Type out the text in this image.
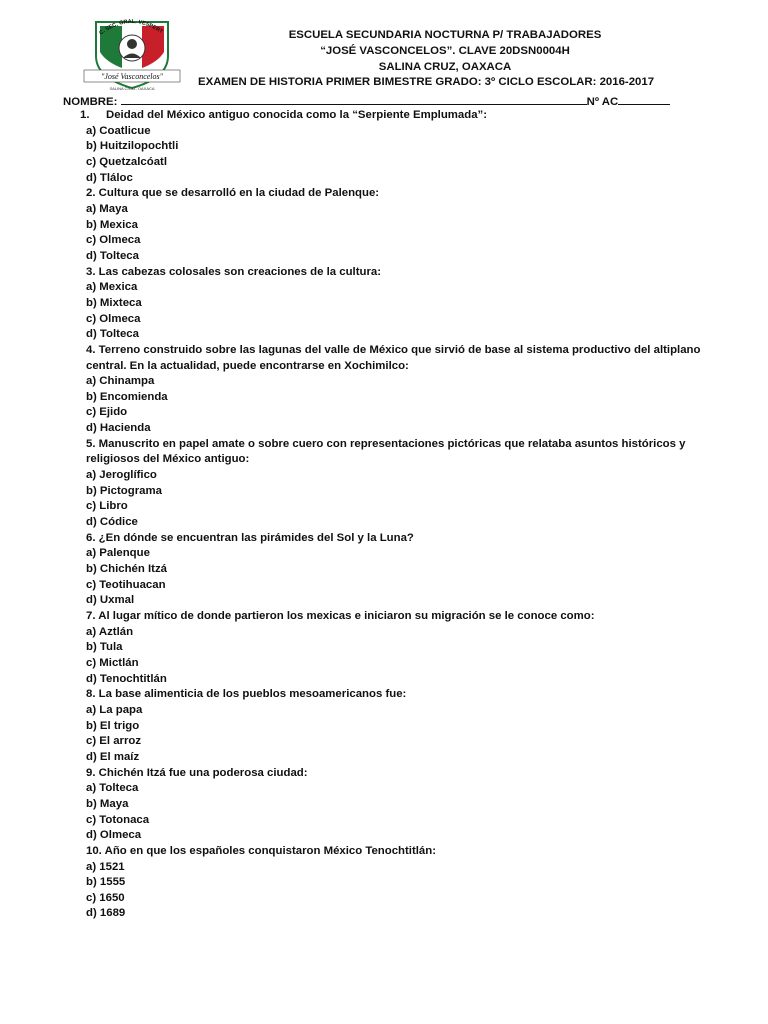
C. SEC. GRAL. VESPERT
"José Vasconcelos"
SALINA CRUZ, OAXACA
ESCUELA SECUNDARIA NOCTURNA P/ TRABAJADORES
“JOSÉ VASCONCELOS”. CLAVE 20DSN0004H
SALINA CRUZ, OAXACA
EXAMEN DE HISTORIA PRIMER BIMESTRE GRADO: 3º CICLO ESCOLAR: 2016-2017
NOMBRE:	Nº AC
1. Deidad del México antiguo conocida como la “Serpiente Emplumada”:
a) Coatlicue
b) Huitzilopochtli
c) Quetzalcóatl
d) Tláloc
2. Cultura que se desarrolló en la ciudad de Palenque:
a) Maya
b) Mexica
c) Olmeca
d) Tolteca
3. Las cabezas colosales son creaciones de la cultura:
a) Mexica
b) Mixteca
c) Olmeca
d) Tolteca
4. Terreno construido sobre las lagunas del valle de México que sirvió de base al sistema productivo del altiplano central. En la actualidad, puede encontrarse en Xochimilco:
a) Chinampa
b) Encomienda
c) Ejido
d) Hacienda
5. Manuscrito en papel amate o sobre cuero con representaciones pictóricas que relataba asuntos históricos y religiosos del México antiguo:
a) Jeroglífico
b) Pictograma
c) Libro
d) Códice
6. ¿En dónde se encuentran las pirámides del Sol y la Luna?
a) Palenque
b) Chichén Itzá
c) Teotihuacan
d) Uxmal
7. Al lugar mítico de donde partieron los mexicas e iniciaron su migración se le conoce como:
a) Aztlán
b) Tula
c) Mictlán
d) Tenochtitlán
8. La base alimenticia de los pueblos mesoamericanos fue:
a) La papa
b) El trigo
c) El arroz
d) El maíz
9. Chichén Itzá fue una poderosa ciudad:
a) Tolteca
b) Maya
c) Totonaca
d) Olmeca
10. Año en que los españoles conquistaron México Tenochtitlán:
a) 1521
b) 1555
c) 1650
d) 1689
